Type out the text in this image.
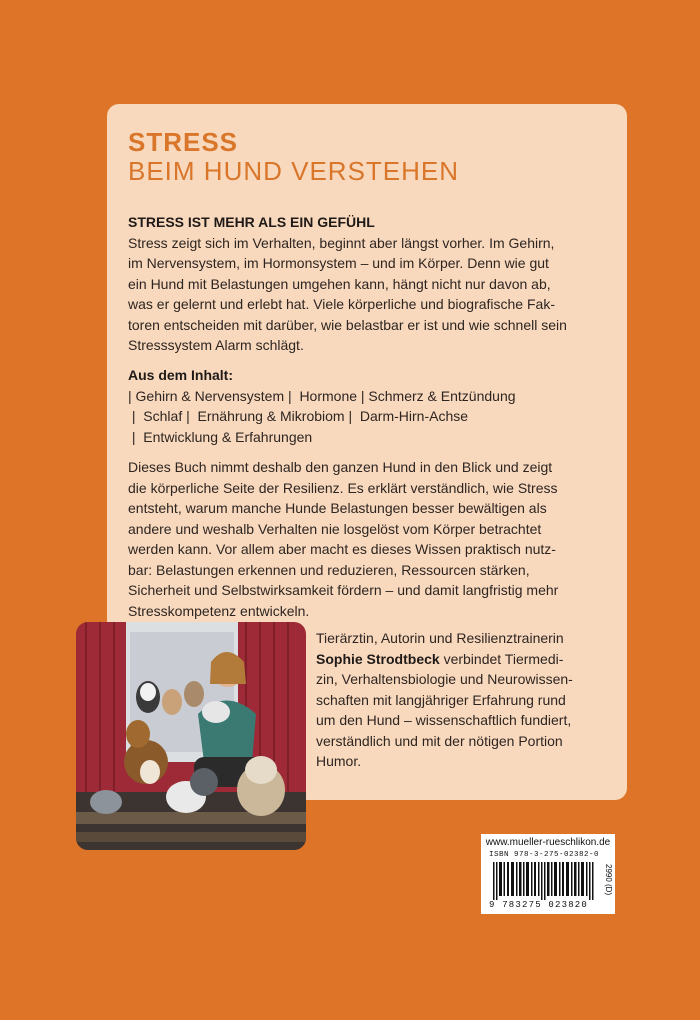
STRESS
BEIM HUND VERSTEHEN
STRESS IST MEHR ALS EIN GEFÜHL
Stress zeigt sich im Verhalten, beginnt aber längst vorher. Im Gehirn,
im Nervensystem, im Hormonsystem – und im Körper. Denn wie gut
ein Hund mit Belastungen umgehen kann, hängt nicht nur davon ab,
was er gelernt und erlebt hat. Viele körperliche und biografische Fak-
toren entscheiden mit darüber, wie belastbar er ist und wie schnell sein
Stresssystem Alarm schlägt.
Aus dem Inhalt:
| Gehirn & Nervensystem |  Hormone | Schmerz & Entzündung
|  Schlaf |  Ernährung & Mikrobiom |  Darm-Hirn-Achse
|  Entwicklung & Erfahrungen
Dieses Buch nimmt deshalb den ganzen Hund in den Blick und zeigt
die körperliche Seite der Resilienz. Es erklärt verständlich, wie Stress
entsteht, warum manche Hunde Belastungen besser bewältigen als
andere und weshalb Verhalten nie losgelöst vom Körper betrachtet
werden kann. Vor allem aber macht es dieses Wissen praktisch nutz-
bar: Belastungen erkennen und reduzieren, Ressourcen stärken,
Sicherheit und Selbstwirksamkeit fördern – und damit langfristig mehr
Stresskompetenz entwickeln.
Tierärztin, Autorin und Resilienztrainerin
Sophie Strodtbeck verbindet Tiermedi-
zin, Verhaltensbiologie und Neurowissen-
schaften mit langjähriger Erfahrung rund
um den Hund – wissenschaftlich fundiert,
verständlich und mit der nötigen Portion
Humor.
www.mueller-rueschlikon.de
ISBN 978-3-275-02382-0
9 783275 023820
2990 (D)
